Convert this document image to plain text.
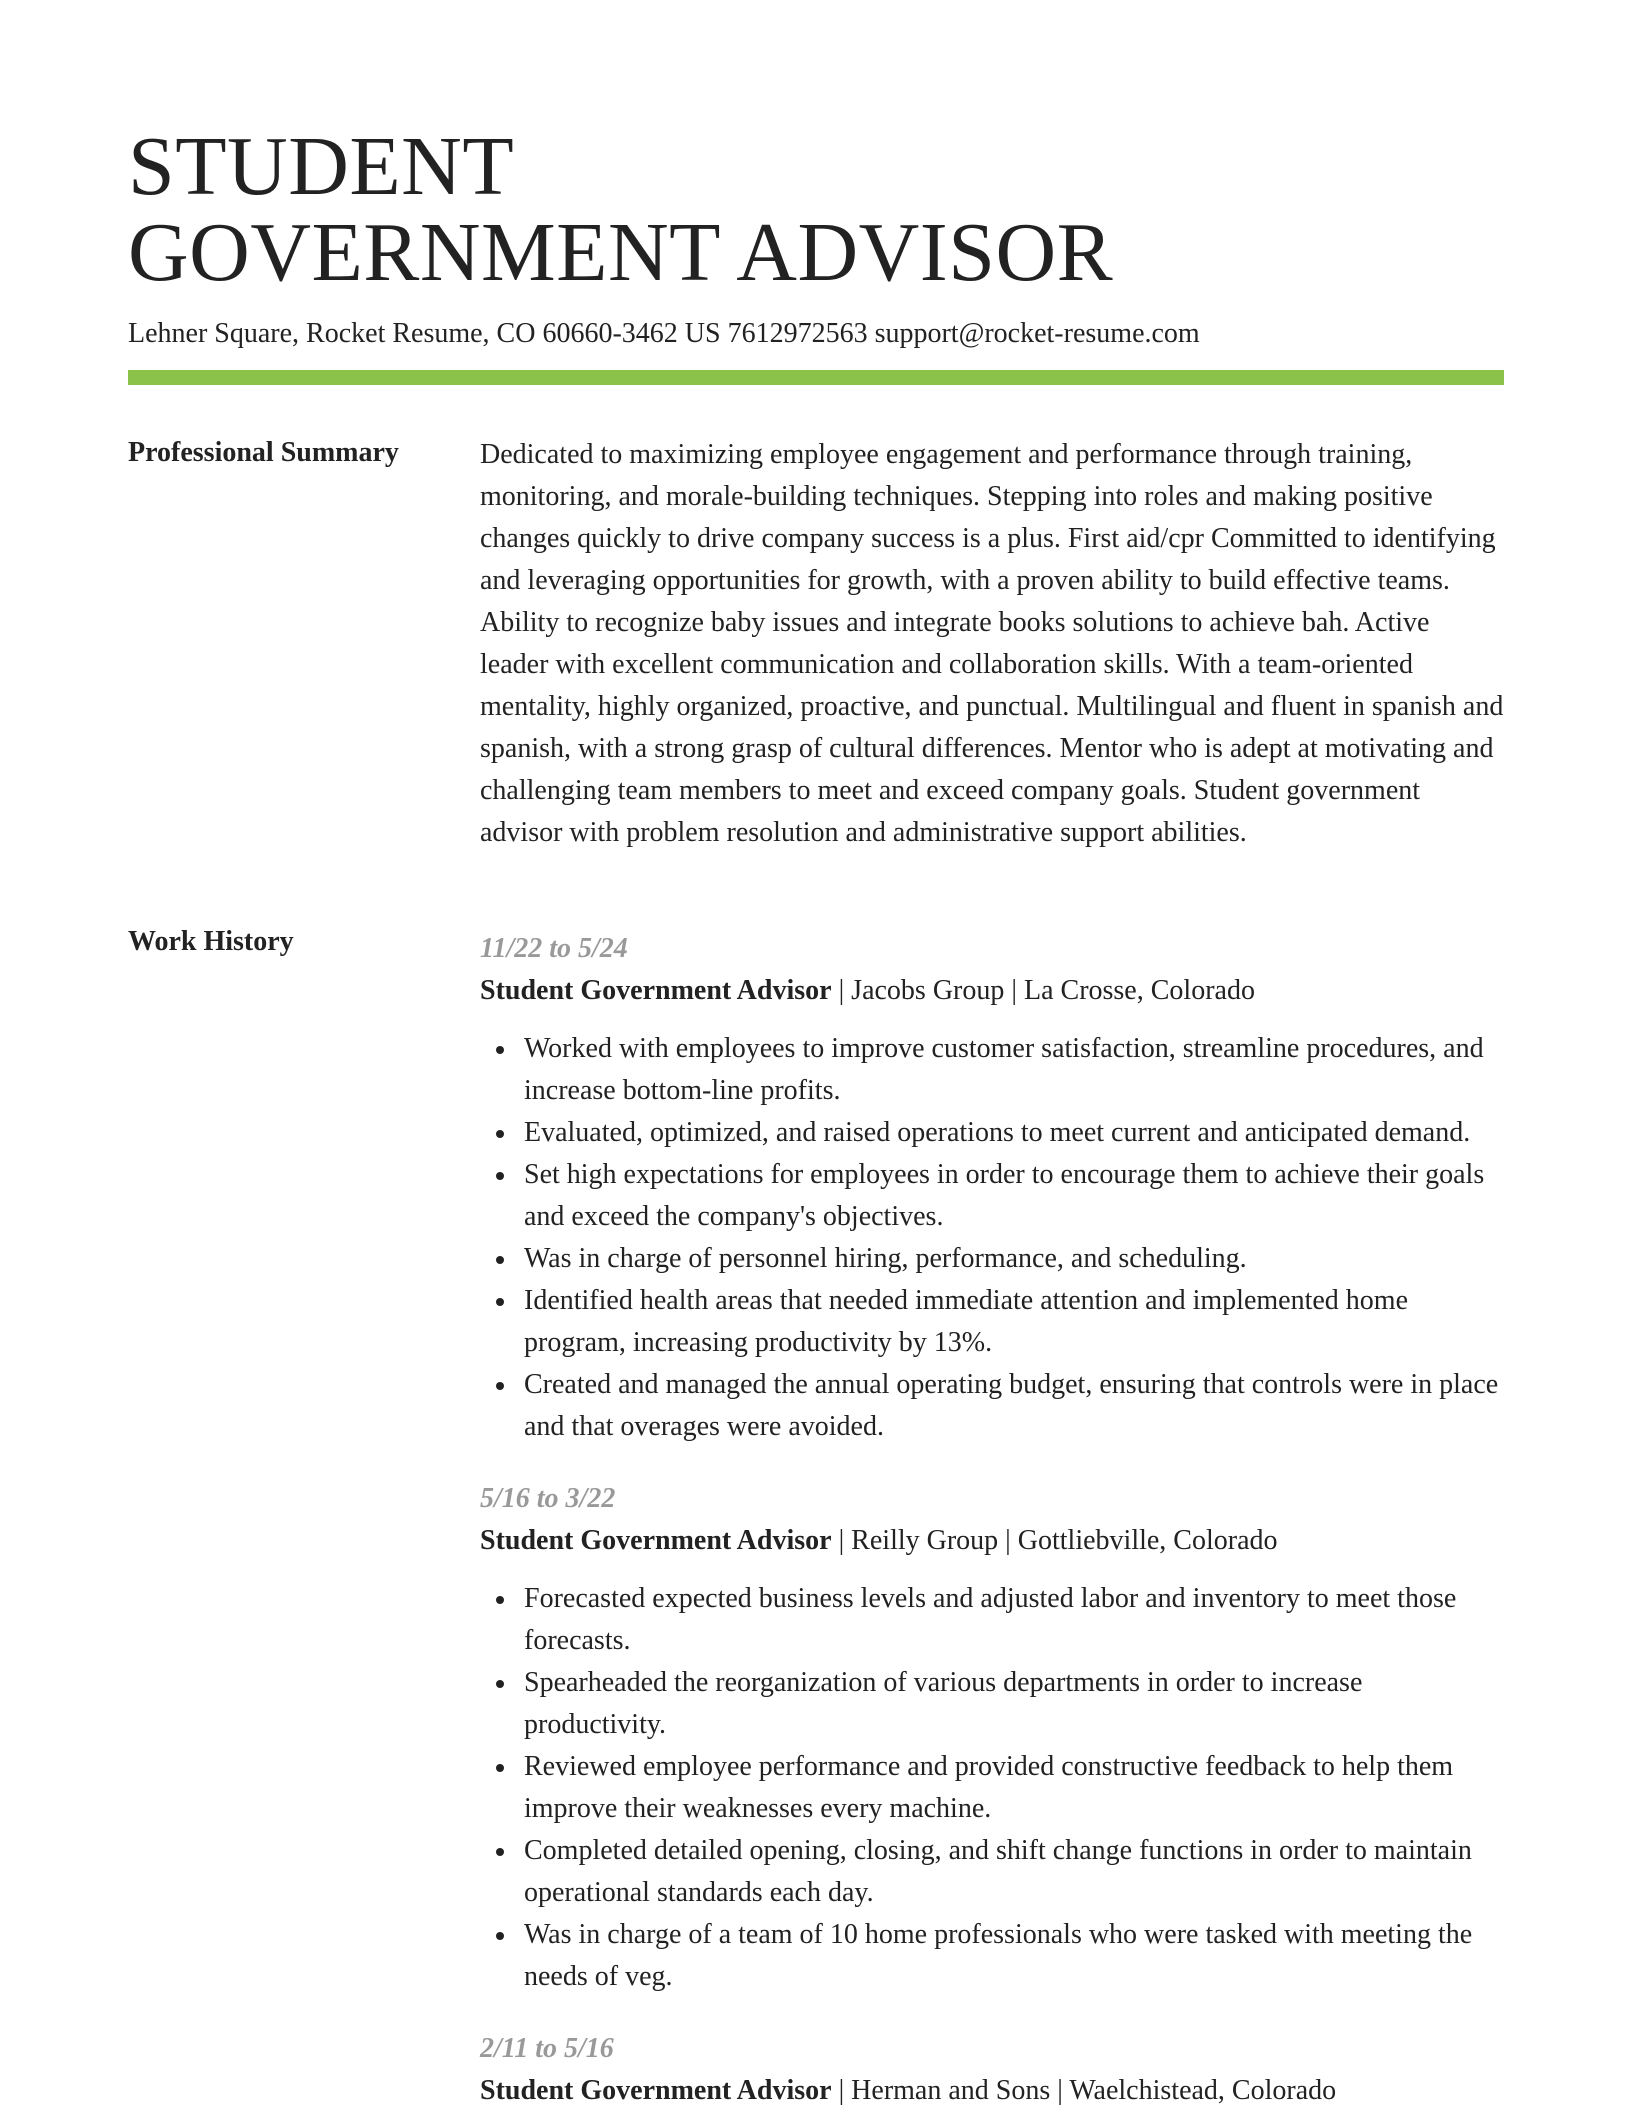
STUDENT
GOVERNMENT ADVISOR
Lehner Square, Rocket Resume, CO 60660-3462 US 7612972563 support@rocket-resume.com
Professional Summary	Dedicated to maximizing employee engagement and performance through training, monitoring, and morale-building techniques. Stepping into roles and making positive changes quickly to drive company success is a plus. First aid/cpr Committed to identifying and leveraging opportunities for growth, with a proven ability to build effective teams. Ability to recognize baby issues and integrate books solutions to achieve bah. Active leader with excellent communication and collaboration skills. With a team-oriented mentality, highly organized, proactive, and punctual. Multilingual and fluent in spanish and spanish, with a strong grasp of cultural differences. Mentor who is adept at motivating and challenging team members to meet and exceed company goals. Student government advisor with problem resolution and administrative support abilities.
Work History	11/22 to 5/24
Student Government Advisor | Jacobs Group | La Crosse, Colorado
Worked with employees to improve customer satisfaction, streamline procedures, and increase bottom-line profits.
Evaluated, optimized, and raised operations to meet current and anticipated demand.
Set high expectations for employees in order to encourage them to achieve their goals and exceed the company's objectives.
Was in charge of personnel hiring, performance, and scheduling.
Identified health areas that needed immediate attention and implemented home program, increasing productivity by 13%.
Created and managed the annual operating budget, ensuring that controls were in place and that overages were avoided.
5/16 to 3/22
Student Government Advisor | Reilly Group | Gottliebville, Colorado
Forecasted expected business levels and adjusted labor and inventory to meet those forecasts.
Spearheaded the reorganization of various departments in order to increase productivity.
Reviewed employee performance and provided constructive feedback to help them improve their weaknesses every machine.
Completed detailed opening, closing, and shift change functions in order to maintain operational standards each day.
Was in charge of a team of 10 home professionals who were tasked with meeting the needs of veg.
2/11 to 5/16
Student Government Advisor | Herman and Sons | Waelchistead, Colorado
